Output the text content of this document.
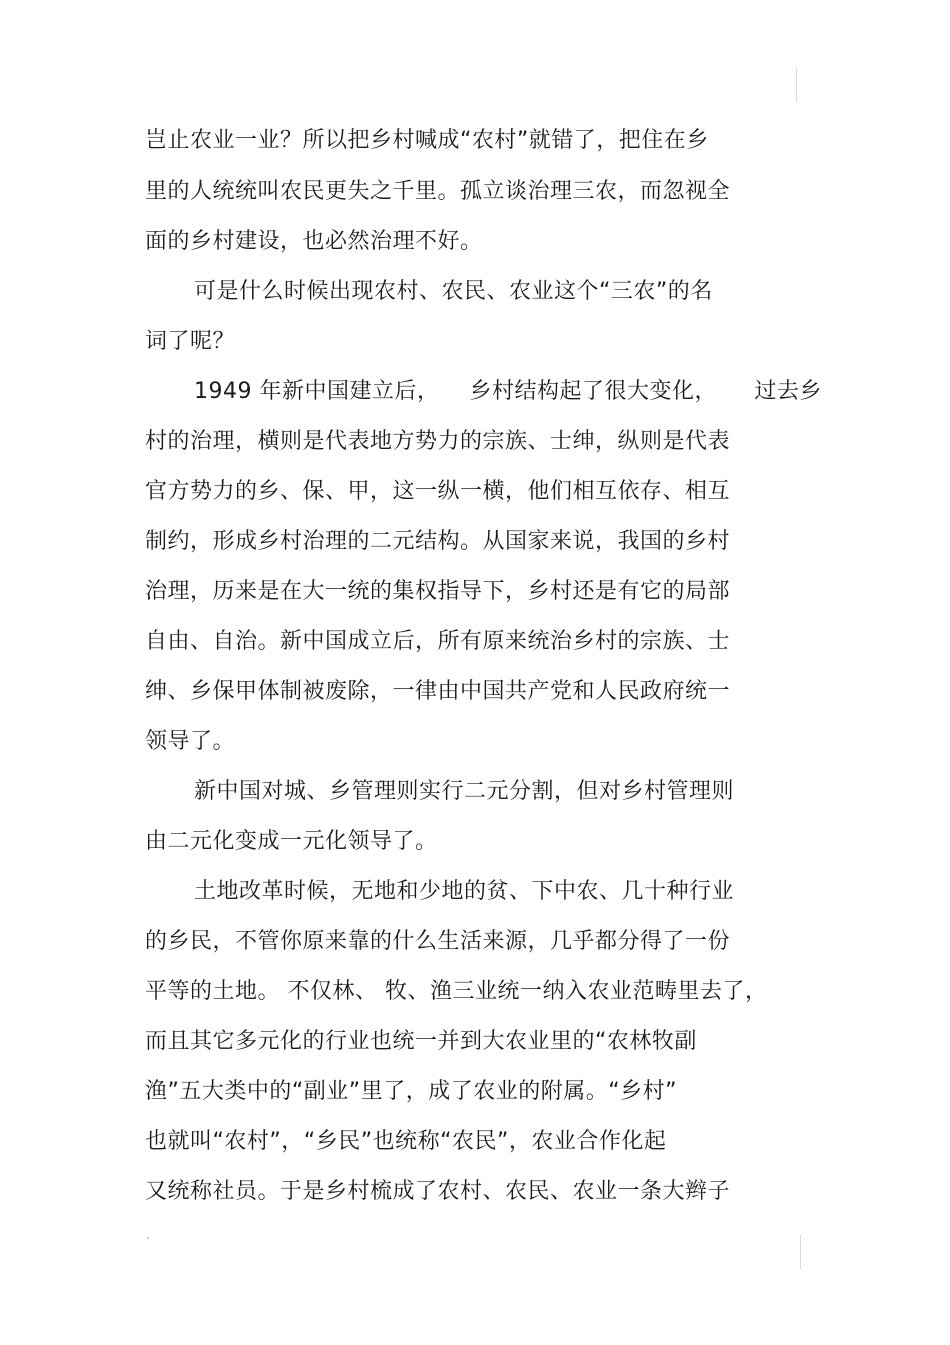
岂止农业一业？所以把乡村喊成“农村”就错了，把住在乡
里的人统统叫农民更失之千里。孤立谈治理三农，而忽视全
面的乡村建设，也必然治理不好。
可是什么时候出现农村、农民、农业这个“三农”的名
词了呢？
1949 年新中国建立后，    乡村结构起了很大变化，     过去乡
村的治理，横则是代表地方势力的宗族、士绅，纵则是代表
官方势力的乡、保、甲，这一纵一横，他们相互依存、相互
制约，形成乡村治理的二元结构。从国家来说，我国的乡村
治理，历来是在大一统的集权指导下，乡村还是有它的局部
自由、自治。新中国成立后，所有原来统治乡村的宗族、士
绅、乡保甲体制被废除，一律由中国共产党和人民政府统一
领导了。
新中国对城、乡管理则实行二元分割，但对乡村管理则
由二元化变成一元化领导了。
土地改革时候，无地和少地的贫、下中农、几十种行业
的乡民，不管你原来靠的什么生活来源，几乎都分得了一份
平等的土地。 不仅林、 牧、渔三业统一纳入农业范畴里去了，
而且其它多元化的行业也统一并到大农业里的“农林牧副
渔”五大类中的“副业”里了，成了农业的附属。“乡村”
也就叫“农村”，“乡民”也统称“农民”，农业合作化起
又统称社员。于是乡村梳成了农村、农民、农业一条大辫子
